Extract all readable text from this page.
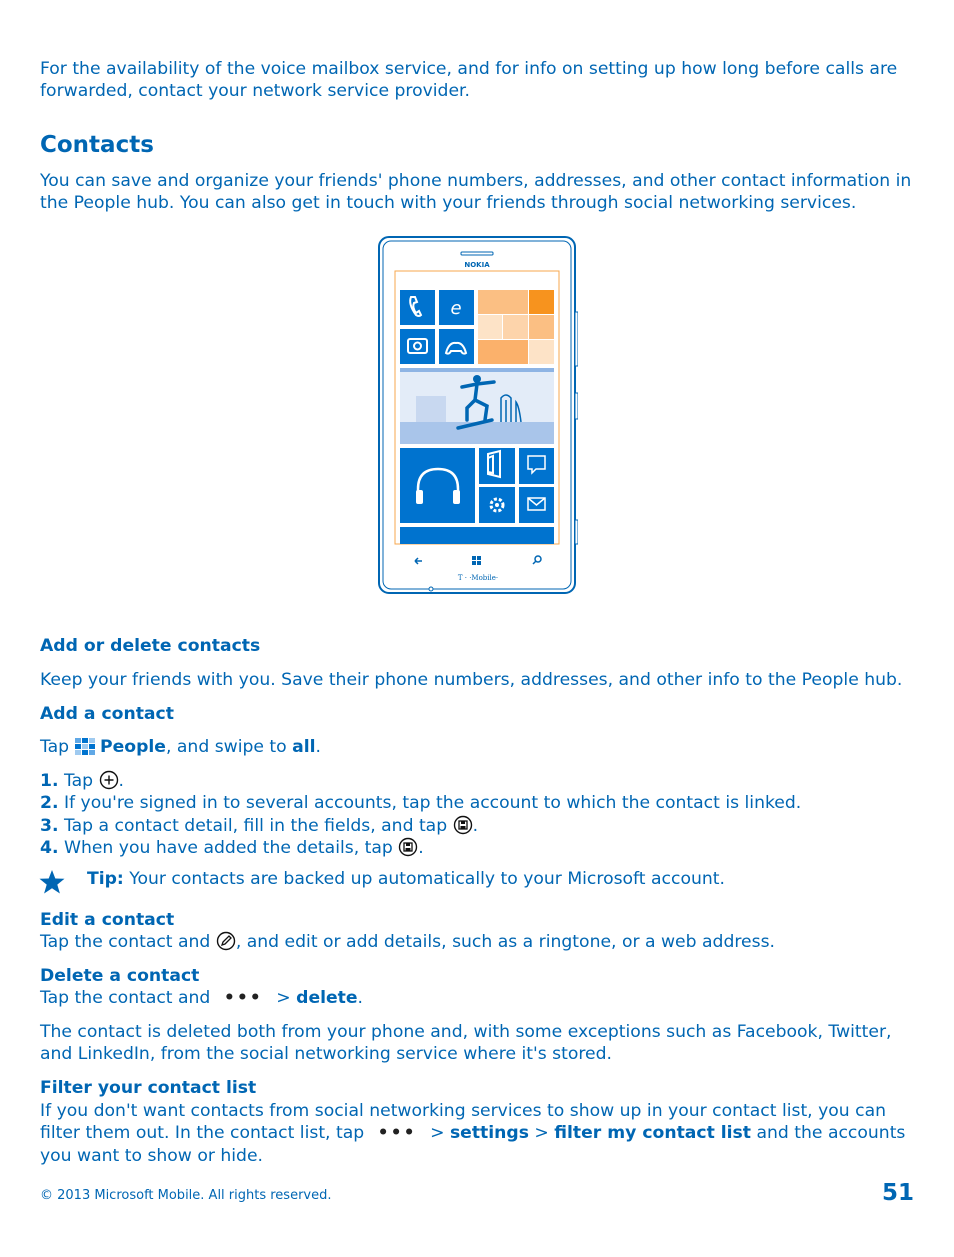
For the availability of the voice mailbox service, and for info on setting up how long before calls are forwarded, contact your network service provider.

Contacts

You can save and organize your friends' phone numbers, addresses, and other contact information in the People hub. You can also get in touch with your friends through social networking services.

NOKIA
e
T · ·Mobile·
Add or delete contacts

Keep your friends with you. Save their phone numbers, addresses, and other info to the People hub.

Add a contact

Tap People, and swipe to all.

1. Tap .

2. If you're signed in to several accounts, tap the account to which the contact is linked.

3. Tap a contact detail, fill in the fields, and tap .

4. When you have added the details, tap .

Tip: Your contacts are backed up automatically to your Microsoft account.

Edit a contact

Tap the contact and , and edit or add details, such as a ringtone, or a web address.

Delete a contact

Tap the contact and ••• > delete.

The contact is deleted both from your phone and, with some exceptions such as Facebook, Twitter, and LinkedIn, from the social networking service where it's stored.

Filter your contact list

If you don't want contacts from social networking services to show up in your contact list, you can filter them out. In the contact list, tap ••• > settings > filter my contact list and the accounts you want to show or hide.

© 2013 Microsoft Mobile. All rights reserved.	51
